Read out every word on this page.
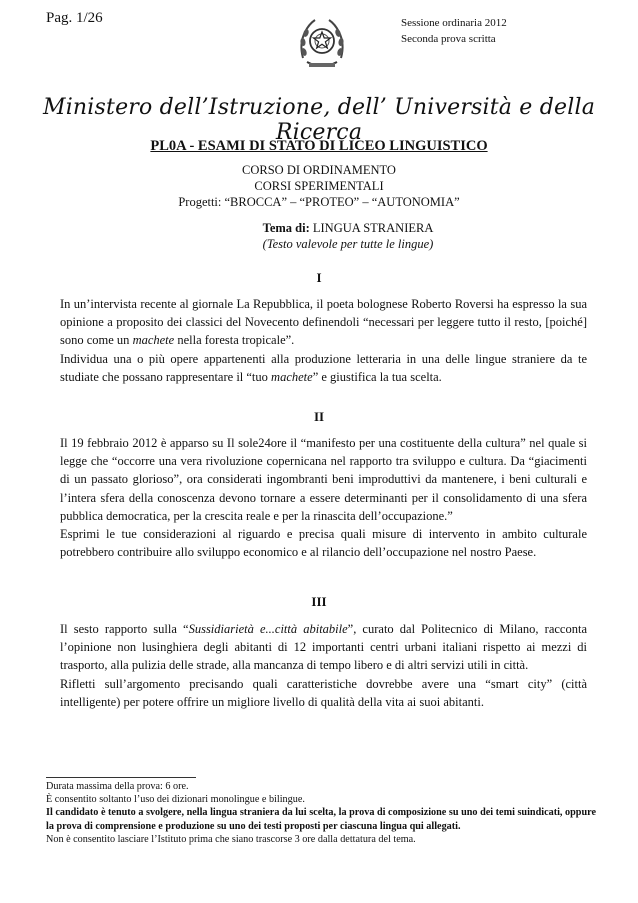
Pag. 1/26	Sessione ordinaria 2012
Seconda prova scritta
Ministero dell’Istruzione, dell’ Università e della Ricerca
PL0A - ESAMI DI STATO DI LICEO LINGUISTICO
CORSO DI ORDINAMENTO
CORSI SPERIMENTALI
Progetti: “BROCCA” – “PROTEO” – “AUTONOMIA”
Tema di: LINGUA STRANIERA
(Testo valevole per tutte le lingue)
I

In un’intervista recente al giornale La Repubblica, il poeta bolognese Roberto Roversi ha espresso la sua opinione a proposito dei classici del Novecento definendoli “necessari per leggere tutto il resto, [poiché] sono come un machete nella foresta tropicale”.

Individua una o più opere appartenenti alla produzione letteraria in una delle lingue straniere da te studiate che possano rappresentare il “tuo machete” e giustifica la tua scelta.

II

Il 19 febbraio 2012 è apparso su Il sole24ore il “manifesto per una costituente della cultura” nel quale si legge che “occorre una vera rivoluzione copernicana nel rapporto tra sviluppo e cultura. Da “giacimenti di un passato glorioso”, ora considerati ingombranti beni improduttivi da mantenere, i beni culturali e l’intera sfera della conoscenza devono tornare a essere determinanti per il consolidamento di una sfera pubblica democratica, per la crescita reale e per la rinascita dell’occupazione.”

Esprimi le tue considerazioni al riguardo e precisa quali misure di intervento in ambito culturale potrebbero contribuire allo sviluppo economico e al rilancio dell’occupazione nel nostro Paese.

III

Il sesto rapporto sulla “Sussidiarietà e...città abitabile”, curato dal Politecnico di Milano, racconta l’opinione non lusinghiera degli abitanti di 12 importanti centri urbani italiani rispetto ai mezzi di trasporto, alla pulizia delle strade, alla mancanza di tempo libero e di altri servizi utili in città.

Rifletti sull’argomento precisando quali caratteristiche dovrebbe avere una “smart city” (città intelligente) per potere offrire un migliore livello di qualità della vita ai suoi abitanti.

Durata massima della prova: 6 ore.

È consentito soltanto l’uso dei dizionari monolingue e bilingue.

Il candidato è tenuto a svolgere, nella lingua straniera da lui scelta, la prova di composizione su uno dei temi suindicati, oppure la prova di comprensione e produzione su uno dei testi proposti per ciascuna lingua qui allegati.

Non è consentito lasciare l’Istituto prima che siano trascorse 3 ore dalla dettatura del tema.
